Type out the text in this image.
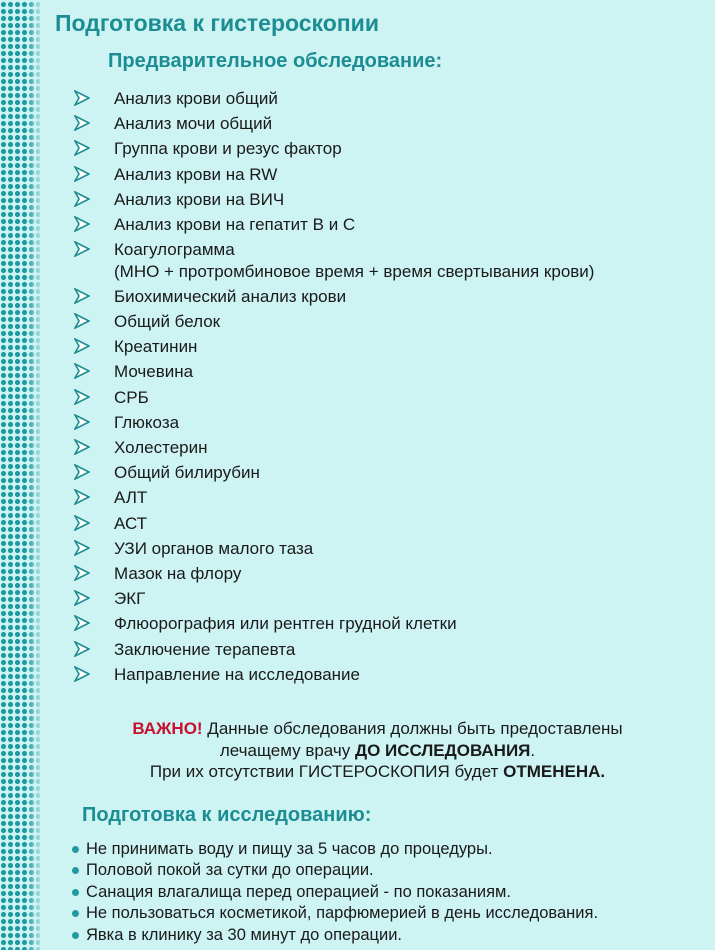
Подготовка к гистероскопии
Предварительное обследование:
Анализ крови общий
Анализ мочи общий
Группа крови и резус фактор
Анализ крови на RW
Анализ крови на ВИЧ
Анализ крови на гепатит В и С
Коагулограмма
(МНО + протромбиновое время + время свертывания крови)
Биохимический анализ крови
Общий белок
Креатинин
Мочевина
СРБ
Глюкоза
Холестерин
Общий билирубин
АЛТ
АСТ
УЗИ органов малого таза
Мазок на флору
ЭКГ
Флюорография или рентген грудной клетки
Заключение терапевта
Направление на исследование
ВАЖНО! Данные обследования должны быть предоставлены
лечащему врачу ДО ИССЛЕДОВАНИЯ.
При их отсутствии ГИСТЕРОСКОПИЯ будет ОТМЕНЕНА.
Подготовка к исследованию:
Не принимать воду и пищу за 5 часов до процедуры.
Половой покой за сутки до операции.
Санация влагалища перед операцией - по показаниям.
Не пользоваться косметикой, парфюмерией в день исследования.
Явка в клинику за 30 минут до операции.
